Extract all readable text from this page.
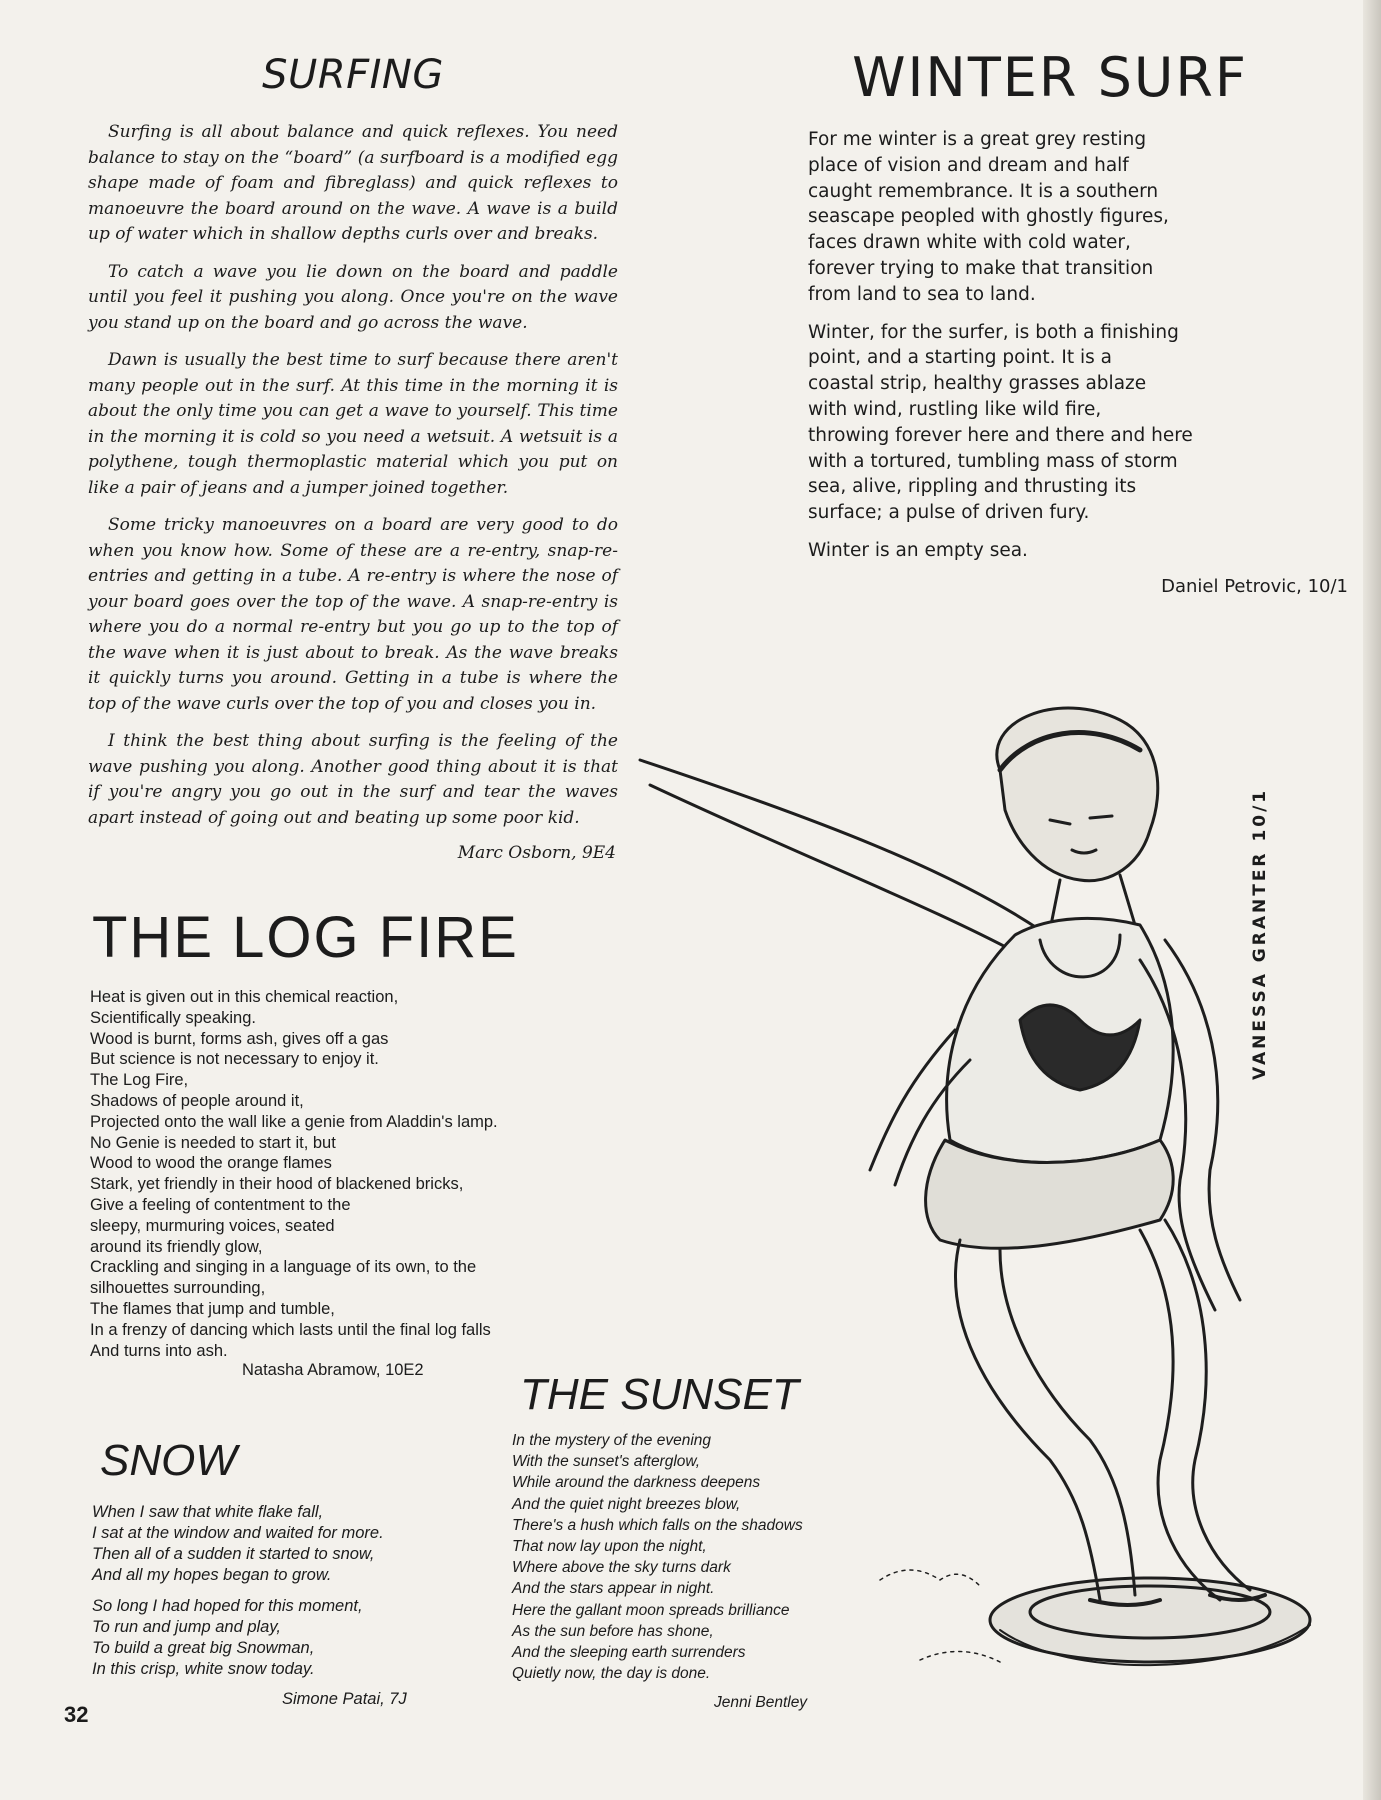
SURFING

Surfing is all about balance and quick reflexes. You need balance to stay on the “board” (a surfboard is a modified egg shape made of foam and fibreglass) and quick reflexes to manoeuvre the board around on the wave. A wave is a build up of water which in shallow depths curls over and breaks.

To catch a wave you lie down on the board and paddle until you feel it pushing you along. Once you're on the wave you stand up on the board and go across the wave.

Dawn is usually the best time to surf because there aren't many people out in the surf. At this time in the morning it is about the only time you can get a wave to yourself. This time in the morning it is cold so you need a wetsuit. A wetsuit is a polythene, tough thermoplastic material which you put on like a pair of jeans and a jumper joined together.

Some tricky manoeuvres on a board are very good to do when you know how. Some of these are a re-entry, snap-re-entries and getting in a tube. A re-entry is where the nose of your board goes over the top of the wave. A snap-re-entry is where you do a normal re-entry but you go up to the top of the wave when it is just about to break. As the wave breaks it quickly turns you around. Getting in a tube is where the top of the wave curls over the top of you and closes you in.

I think the best thing about surfing is the feeling of the wave pushing you along. Another good thing about it is that if you're angry you go out in the surf and tear the waves apart instead of going out and beating up some poor kid.

Marc Osborn, 9E4
WINTER SURF

For me winter is a great grey resting
place of vision and dream and half
caught remembrance. It is a southern
seascape peopled with ghostly figures,
faces drawn white with cold water,
forever trying to make that transition
from land to sea to land.

Winter, for the surfer, is both a finishing
point, and a starting point. It is a
coastal strip, healthy grasses ablaze
with wind, rustling like wild fire,
throwing forever here and there and here
with a tortured, tumbling mass of storm
sea, alive, rippling and thrusting its
surface; a pulse of driven fury.

Winter is an empty sea.

Daniel Petrovic, 10/1
THE LOG FIRE

Heat is given out in this chemical reaction,
Scientifically speaking.
Wood is burnt, forms ash, gives off a gas
But science is not necessary to enjoy it.
The Log Fire,
Shadows of people around it,
Projected onto the wall like a genie from Aladdin's lamp.
No Genie is needed to start it, but
Wood to wood the orange flames
Stark, yet friendly in their hood of blackened bricks,
Give a feeling of contentment to the
sleepy, murmuring voices, seated
around its friendly glow,
Crackling and singing in a language of its own, to the
silhouettes surrounding,
The flames that jump and tumble,
In a frenzy of dancing which lasts until the final log falls
And turns into ash.

Natasha Abramow, 10E2
SNOW

When I saw that white flake fall,
I sat at the window and waited for more.
Then all of a sudden it started to snow,
And all my hopes began to grow.

So long I had hoped for this moment,
To run and jump and play,
To build a great big Snowman,
In this crisp, white snow today.

Simone Patai, 7J
THE SUNSET

In the mystery of the evening
With the sunset's afterglow,
While around the darkness deepens
And the quiet night breezes blow,
There's a hush which falls on the shadows
That now lay upon the night,
Where above the sky turns dark
And the stars appear in night.
Here the gallant moon spreads brilliance
As the sun before has shone,
And the sleeping earth surrenders
Quietly now, the day is done.

Jenni Bentley
32
VANESSA GRANTER 10/1
